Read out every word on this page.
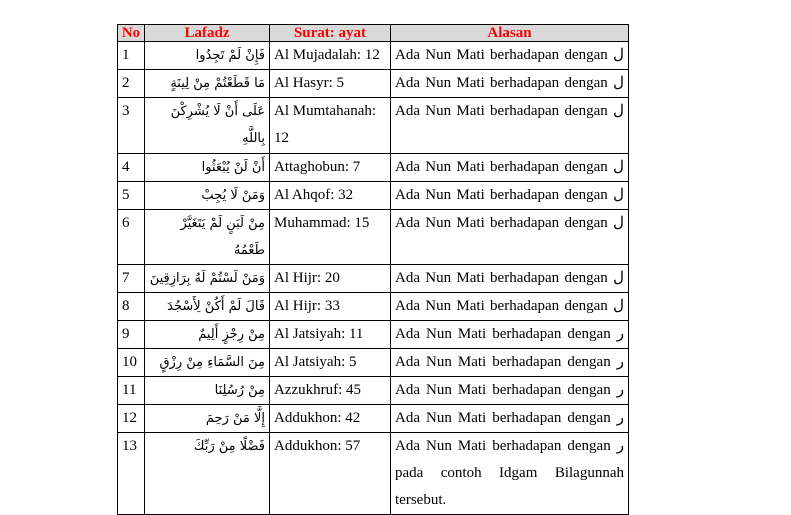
No	Lafadz	Surat: ayat	Alasan
1	فَإِنْ لَمْ تَجِدُوا	Al Mujadalah: 12	Ada Nun Mati berhadapan dengan ل
2	مَا قَطَعْتُمْ مِنْ لِينَةٍ	Al Hasyr: 5	Ada Nun Mati berhadapan dengan ل
3	عَلَى أَنْ لَا يُشْرِكْنَ بِاللَّهِ	Al Mumtahanah: 12	Ada Nun Mati berhadapan dengan ل
4	أَنْ لَنْ يُبْعَثُوا	Attaghobun: 7	Ada Nun Mati berhadapan dengan ل
5	وَمَنْ لَا يُجِبْ	Al Ahqof: 32	Ada Nun Mati berhadapan dengan ل
6	مِنْ لَبَنٍ لَمْ يَتَغَيَّرْ طَعْمُهُ	Muhammad: 15	Ada Nun Mati berhadapan dengan ل
7	وَمَنْ لَسْتُمْ لَهُ بِرَازِقِينَ	Al Hijr: 20	Ada Nun Mati berhadapan dengan ل
8	قَالَ لَمْ أَكُنْ لِأَسْجُدَ	Al Hijr: 33	Ada Nun Mati berhadapan dengan ل
9	مِنْ رِجْزٍ أَلِيمٌ	Al Jatsiyah: 11	Ada Nun Mati berhadapan dengan ر
10	مِنَ السَّمَاءِ مِنْ رِزْقٍ	Al Jatsiyah: 5	Ada Nun Mati berhadapan dengan ر
11	مِنْ رُسُلِنَا	Azzukhruf: 45	Ada Nun Mati berhadapan dengan ر
12	إِلَّا مَنْ رَحِمَ	Addukhon: 42	Ada Nun Mati berhadapan dengan ر
13	فَضْلًا مِنْ رَبِّكَ	Addukhon: 57	Ada Nun Mati berhadapan dengan ر pada contoh Idgam Bilagunnah tersebut.
